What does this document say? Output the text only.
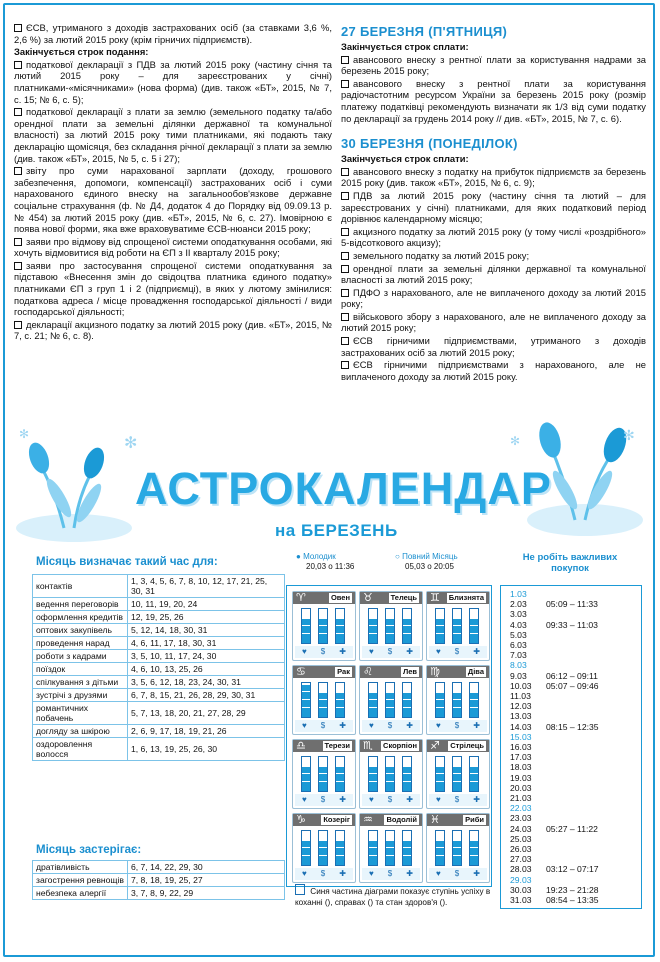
ЄСВ, утриманого з доходів застрахованих осіб (за ставками 3,6 %, 2,6 %) за лютий 2015 року (крім гірничих підприємств).

Закінчується строк подання:

податкової декларації з ПДВ за лютий 2015 року (частину січня та лютий 2015 року – для зареєстрованих у січні) платниками-«місячниками» (нова форма) (див. також «БТ», 2015, № 7, с. 15; № 6, с. 5);

податкової декларації з плати за землю (земельного податку та/або орендної плати за земельні ділянки державної та комунальної власності) за лютий 2015 року тими платниками, які подають таку декларацію щомісяця, без складання річної декларації з плати за землю (див. також «БТ», 2015, № 5, с. 5 і 27);

звіту про суми нарахованої зарплати (доходу, грошового забезпечення, допомоги, компенсації) застрахованих осіб і суми нарахованого єдиного внеску на загальнообов'язкове державне соціальне страхування (ф. № Д4, додаток 4 до Порядку від 09.09.13 р. № 454) за лютий 2015 року (див. «БТ», 2015, № 6, с. 27). Імовірною є поява нової форми, яка вже враховуватиме ЄСВ-нюанси 2015 року;

заяви про відмову від спрощеної системи оподаткування особами, які хочуть відмовитися від роботи на ЄП з II кварталу 2015 року;

заяви про застосування спрощеної системи оподаткування за підставою «Внесення змін до свідоцтва платника єдиного податку» платниками ЄП з груп 1 і 2 (підприємці), в яких у лютому змінилися: податкова адреса / місце провадження господарської діяльності / види господарської діяльності;

декларації акцизного податку за лютий 2015 року (див. «БТ», 2015, № 7, с. 21; № 6, с. 8).

27 БЕРЕЗНЯ (П'ЯТНИЦЯ)

Закінчується строк сплати:

авансового внеску з рентної плати за користування надрами за березень 2015 року;

авансового внеску з рентної плати за користування радіочастотним ресурсом України за березень 2015 року (розмір платежу податківці рекомендують визначати як 1/3 від суми податку по декларації за грудень 2014 року // див. «БТ», 2015, № 7, с. 6).

30 БЕРЕЗНЯ (ПОНЕДІЛОК)

Закінчується строк сплати:

авансового внеску з податку на прибуток підприємств за березень 2015 року (див. також «БТ», 2015, № 6, с. 9);

ПДВ за лютий 2015 року (частину січня та лютий – для зареєстрованих у січні) платниками, для яких податковий період дорівнює календарному місяцю;

акцизного податку за лютий 2015 року (у тому числі «роздрібного» 5-відсоткового акцизу);

земельного податку за лютий 2015 року;

орендної плати за земельні ділянки державної та комунальної власності за лютий 2015 року;

ПДФО з нарахованого, але не виплаченого доходу за лютий 2015 року;

військового збору з нарахованого, але не виплаченого доходу за лютий 2015 року;

ЄСВ гірничими підприємствами, утриманого з доходів застрахованих осіб за лютий 2015 року;

ЄСВ гірничими підприємствами з нарахованого, але не виплаченого доходу за лютий 2015 року.

✻
✻	✻
✻
АСТРОКАЛЕНДАР
на БЕРЕЗЕНЬ
Місяць визначає такий час для:
контактів	1, 3, 4, 5, 6, 7, 8, 10, 12, 17, 21, 25, 30, 31
ведення переговорів	10, 11, 19, 20, 24
оформлення кредитів	12, 19, 25, 26
оптових закупівель	5, 12, 14, 18, 30, 31
проведення нарад	4, 6, 11, 17, 18, 30, 31
роботи з кадрами	3, 5, 10, 11, 17, 24, 30
поїздок	4, 6, 10, 13, 25, 26
спілкування з дітьми	3, 5, 6, 12, 18, 23, 24, 30, 31
зустрічі з друзями	6, 7, 8, 15, 21, 26, 28, 29, 30, 31
романтичних побачень	5, 7, 13, 18, 20, 21, 27, 28, 29
догляду за шкірою	2, 6, 9, 17, 18, 19, 21, 26
оздоровлення волосся	1, 6, 13, 19, 25, 26, 30
Місяць застерігає:
дратівливість	6, 7, 14, 22, 29, 30
загострення ревнощів	7, 8, 18, 19, 25, 27
небезпека алергії	3, 7, 8, 9, 22, 29
● Молодик
20,03 о 11:36
○ Повний Місяць
05,03 о 20:05
♈	Овен
♥ $ ✚
♉ Телець
♥ $ ✚
♊ Близнята
♥ $ ✚
♋	Рак
♥ $ ✚
♌	Лев
♥ $ ✚
♍	Діва
♥ $ ✚
♎ Терези
♥ $ ✚
♏ Скорпіон
♥ $ ✚
♐ Стрілець
♥ $ ✚
♑ Козеріг
♥ $ ✚
♒ Водолій
♥ $ ✚
♓	Риби
♥ $ ✚
Синя частина діаграми показує ступінь успіху в коханні (), справах () та стан здоров'я ().
Не робіть важливих покупок
1.03
2.03 05:09 – 11:33
3.03
4.03 09:33 – 11:03
5.03
6.03
7.03
8.03
9.03 06:12 – 09:11
10.03 05:07 – 09:46
11.03
12.03
13.03
14.03 08:15 – 12:35
15.03
16.03
17.03
18.03
19.03
20.03
21.03
22.03
23.03
24.03 05:27 – 11:22
25.03
26.03
27.03
28.03 03:12 – 07:17
29.03
30.03 19:23 – 21:28
31.03 08:54 – 13:35
